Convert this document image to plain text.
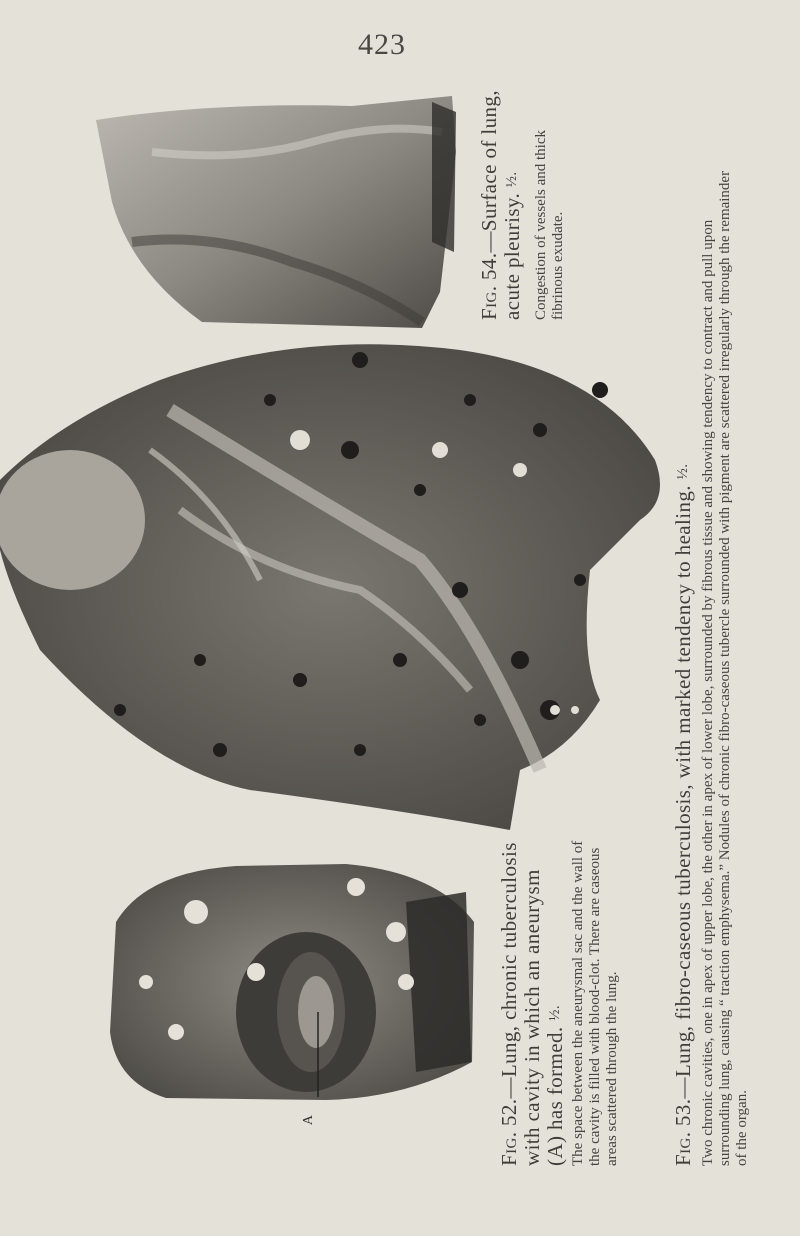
423
A
Fig. 54.—Surface of lung, acute pleurisy. ½. Congestion of vessels and thick fibrinous exudate.
Fig. 52.—Lung, chronic tuberculosis with cavity in which an aneurysm (A) has formed. ½. The space between the aneurysmal sac and the wall of the cavity is filled with blood-clot. There are caseous areas scattered through the lung. Fig. 53.—Lung, fibro-caseous tuberculosis, with marked tendency to healing. ½. Two chronic cavities, one in apex of upper lobe, the other in apex of lower lobe, surrounded by fibrous tissue and showing tendency to contract and pull upon surrounding lung, causing “ traction emphysema.” Nodules of chronic fibro-caseous tubercle surrounded with pigment are scattered irregularly through the remainder of the organ.
